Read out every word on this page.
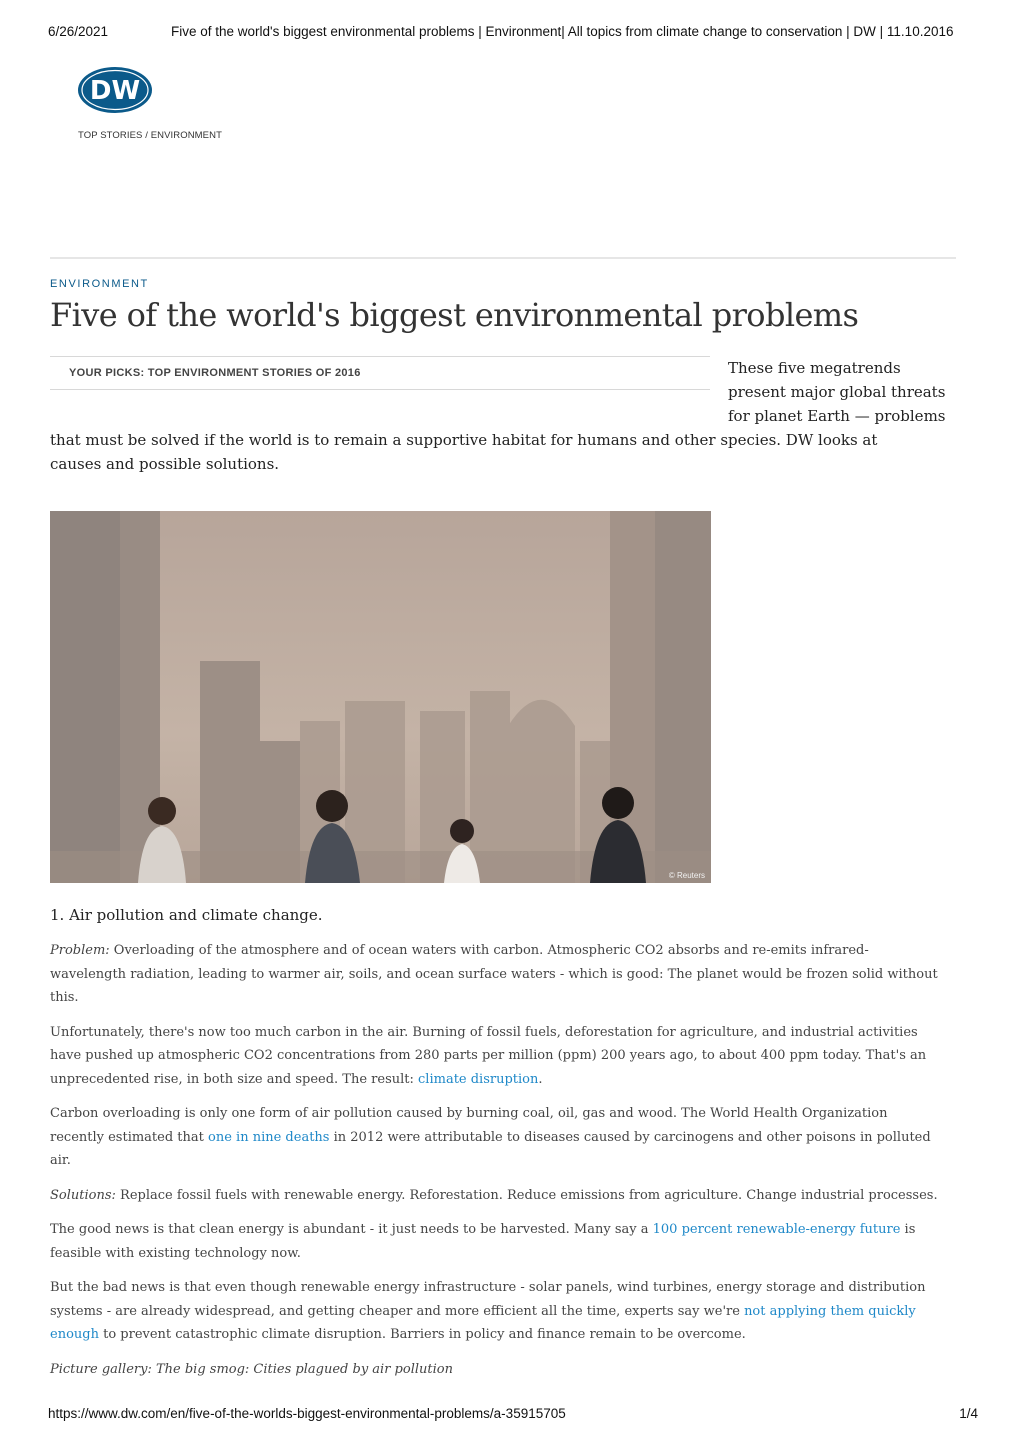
6/26/2021	Five of the world's biggest environmental problems | Environment| All topics from climate change to conservation | DW | 11.10.2016
DW
TOP STORIES / ENVIRONMENT
ENVIRONMENT
Five of the world's biggest environmental problems
YOUR PICKS: TOP ENVIRONMENT STORIES OF 2016	These five megatrends present major global threats for planet Earth — problems
that must be solved if the world is to remain a supportive habitat for humans and other species. DW looks at causes and possible solutions.
© Reuters
1. Air pollution and climate change.

Problem: Overloading of the atmosphere and of ocean waters with carbon. Atmospheric CO2 absorbs and re-emits infrared-wavelength radiation, leading to warmer air, soils, and ocean surface waters - which is good: The planet would be frozen solid without this.

Unfortunately, there's now too much carbon in the air. Burning of fossil fuels, deforestation for agriculture, and industrial activities have pushed up atmospheric CO2 concentrations from 280 parts per million (ppm) 200 years ago, to about 400 ppm today. That's an unprecedented rise, in both size and speed. The result: climate disruption.

Carbon overloading is only one form of air pollution caused by burning coal, oil, gas and wood. The World Health Organization recently estimated that one in nine deaths in 2012 were attributable to diseases caused by carcinogens and other poisons in polluted air.

Solutions: Replace fossil fuels with renewable energy. Reforestation. Reduce emissions from agriculture. Change industrial processes.

The good news is that clean energy is abundant - it just needs to be harvested. Many say a 100 percent renewable-energy future is feasible with existing technology now.

But the bad news is that even though renewable energy infrastructure - solar panels, wind turbines, energy storage and distribution systems - are already widespread, and getting cheaper and more efficient all the time, experts say we're not applying them quickly enough to prevent catastrophic climate disruption. Barriers in policy and finance remain to be overcome.

Picture gallery: The big smog: Cities plagued by air pollution

https://www.dw.com/en/five-of-the-worlds-biggest-environmental-problems/a-35915705	1/4
